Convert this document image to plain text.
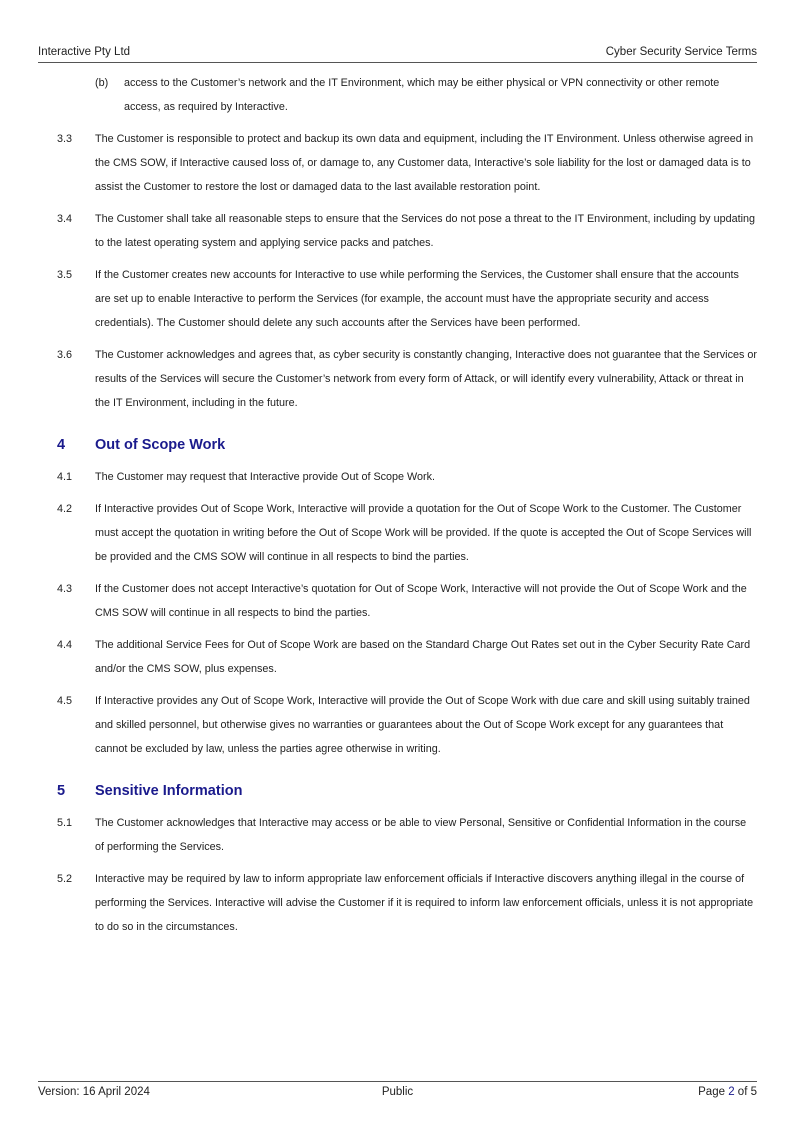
Interactive Pty Ltd	Cyber Security Service Terms
(b)	access to the Customer’s network and the IT Environment, which may be either physical or VPN connectivity or other remote access, as required by Interactive.
3.3	The Customer is responsible to protect and backup its own data and equipment, including the IT Environment. Unless otherwise agreed in the CMS SOW, if Interactive caused loss of, or damage to, any Customer data, Interactive’s sole liability for the lost or damaged data is to assist the Customer to restore the lost or damaged data to the last available restoration point.
3.4	The Customer shall take all reasonable steps to ensure that the Services do not pose a threat to the IT Environment, including by updating to the latest operating system and applying service packs and patches.
3.5	If the Customer creates new accounts for Interactive to use while performing the Services, the Customer shall ensure that the accounts are set up to enable Interactive to perform the Services (for example, the account must have the appropriate security and access credentials). The Customer should delete any such accounts after the Services have been performed.
3.6	The Customer acknowledges and agrees that, as cyber security is constantly changing, Interactive does not guarantee that the Services or results of the Services will secure the Customer’s network from every form of Attack, or will identify every vulnerability, Attack or threat in the IT Environment, including in the future.
4	Out of Scope Work
4.1	The Customer may request that Interactive provide Out of Scope Work.
4.2	If Interactive provides Out of Scope Work, Interactive will provide a quotation for the Out of Scope Work to the Customer. The Customer must accept the quotation in writing before the Out of Scope Work will be provided. If the quote is accepted the Out of Scope Services will be provided and the CMS SOW will continue in all respects to bind the parties.
4.3	If the Customer does not accept Interactive’s quotation for Out of Scope Work, Interactive will not provide the Out of Scope Work and the CMS SOW will continue in all respects to bind the parties.
4.4	The additional Service Fees for Out of Scope Work are based on the Standard Charge Out Rates set out in the Cyber Security Rate Card and/or the CMS SOW, plus expenses.
4.5	If Interactive provides any Out of Scope Work, Interactive will provide the Out of Scope Work with due care and skill using suitably trained and skilled personnel, but otherwise gives no warranties or guarantees about the Out of Scope Work except for any guarantees that cannot be excluded by law, unless the parties agree otherwise in writing.
5	Sensitive Information
5.1	The Customer acknowledges that Interactive may access or be able to view Personal, Sensitive or Confidential Information in the course of performing the Services.
5.2	Interactive may be required by law to inform appropriate law enforcement officials if Interactive discovers anything illegal in the course of performing the Services. Interactive will advise the Customer if it is required to inform law enforcement officials, unless it is not appropriate to do so in the circumstances.
Version: 16 April 2024	Public	Page 2 of 5
